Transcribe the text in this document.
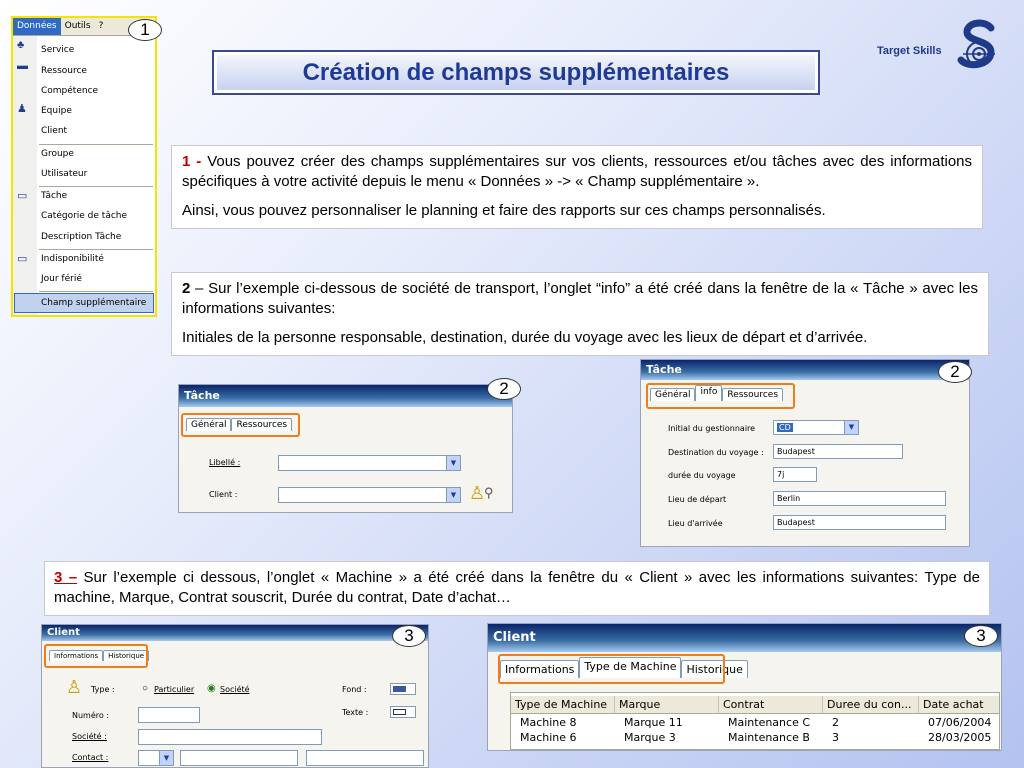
Données Outils ?
♣ Service
▬ Ressource
Compétence
♟ Equipe
Client
Groupe
Utilisateur
▭ Tâche
Catégorie de tâche
Description Tâche
▭ Indisponibilité
Jour férié
Champ supplémentaire
1
Création de champs supplémentaires
Target Skills

1 - Vous pouvez créer des champs supplémentaires sur vos clients, ressources et/ou tâches avec des informations spécifiques à votre activité depuis le menu « Données » -> « Champ supplémentaire ».

Ainsi, vous pouvez personnaliser le planning et faire des rapports sur ces champs personnalisés.

2 – Sur l’exemple ci-dessous de société de transport, l’onglet “info” a été créé dans la fenêtre de la « Tâche » avec les informations suivantes:

Initiales de la personne responsable, destination, durée du voyage avec les lieux de départ et d’arrivée.

Tâche
Général	Ressources
Libellé :	▼
Client :	▼ ♙
⚲
2
Tâche
Général	info	Ressources
Initial du gestionnaire	CD	▼
Destination du voyage :	Budapest
durée du voyage	7j
Lieu de départ	Berlin
Lieu d'arrivée	Budapest
2

3 – Sur l’exemple ci dessous, l’onglet « Machine » a été créé dans la fenêtre du « Client » avec les informations suivantes: Type de machine, Marque, Contrat souscrit, Durée du contrat, Date d’achat…

Client
Informations	Historique
♙ Type :	○ Particulier ◉ Société	Fond :
Numéro :	Texte :
Société :
Contact :	▼
3	Client
Informations Type de Machine Historique
Type de Machine	Marque	Contrat	Duree du con...	Date achat
Machine 8	Marque 11	Maintenance C	2	07/06/2004
Machine 6	Marque 3	Maintenance B	3	28/03/2005
3
